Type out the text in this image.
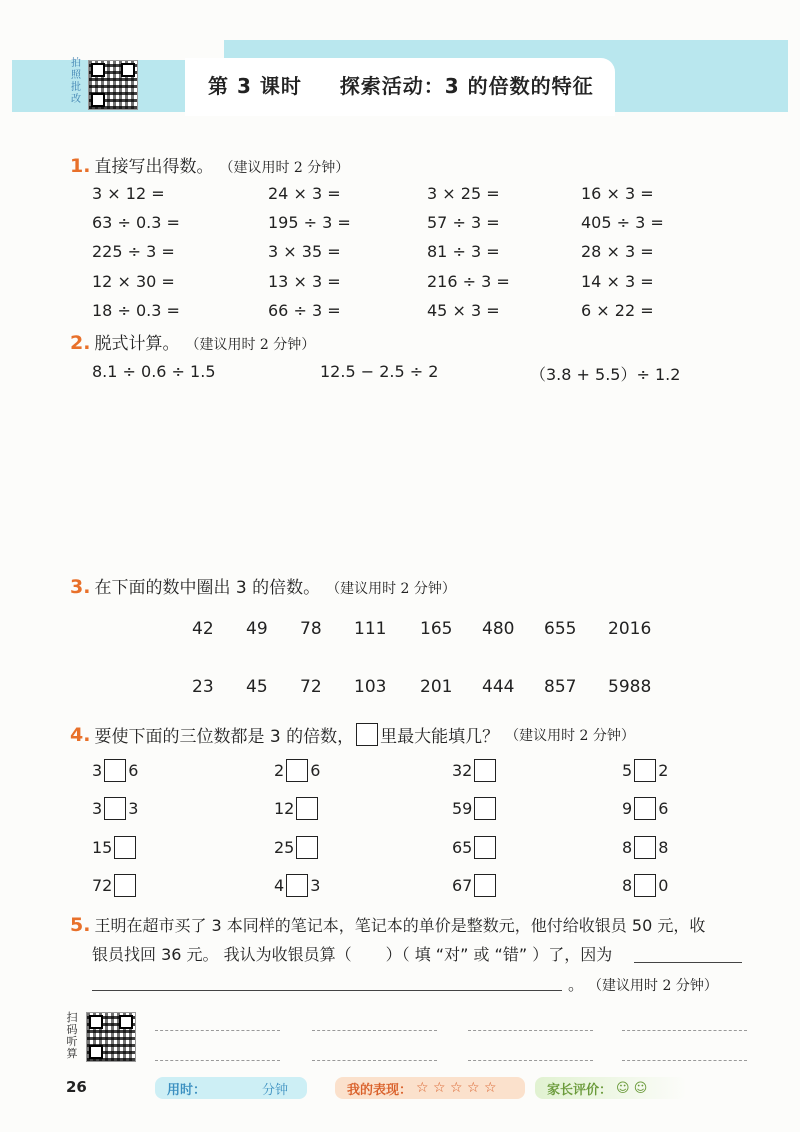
拍照批改
第 3 课时 探索活动：3 的倍数的特征
1. 直接写出得数。 （建议用时 2 分钟）
3 × 12 =	24 × 3 =	3 × 25 =	16 × 3 =
63 ÷ 0.3 =	195 ÷ 3 =	57 ÷ 3 =	405 ÷ 3 =
225 ÷ 3 =	3 × 35 =	81 ÷ 3 =	28 × 3 =
12 × 30 =	13 × 3 =	216 ÷ 3 =	14 × 3 =
18 ÷ 0.3 =	66 ÷ 3 =	45 × 3 =	6 × 22 =
2. 脱式计算。 （建议用时 2 分钟）
8.1 ÷ 0.6 ÷ 1.5	12.5 − 2.5 ÷ 2	（3.8 + 5.5）÷ 1.2
3. 在下面的数中圈出 3 的倍数。 （建议用时 2 分钟）
42 49 78 111 165 480 655 2016
23 45 72 103 201 444 857 5988
4. 要使下面的三位数都是 3 的倍数， 里最大能填几？ （建议用时 2 分钟）
3 6	2 6	32	5 2
3 3	12	59	9 6
15	25	65	8 8
72	4 3	67	8 0
5. 王明在超市买了 3 本同样的笔记本，笔记本的单价是整数元，他付给收银员 50 元，收
银员找回 36 元。 我认为收银员算（ ）（ 填 “对” 或 “错” ）了，因为
。 （建议用时 2 分钟）
扫码听算
26	用时：	分钟	我的表现： ☆ ☆ ☆ ☆ ☆	家长评价： ☺ ☺
